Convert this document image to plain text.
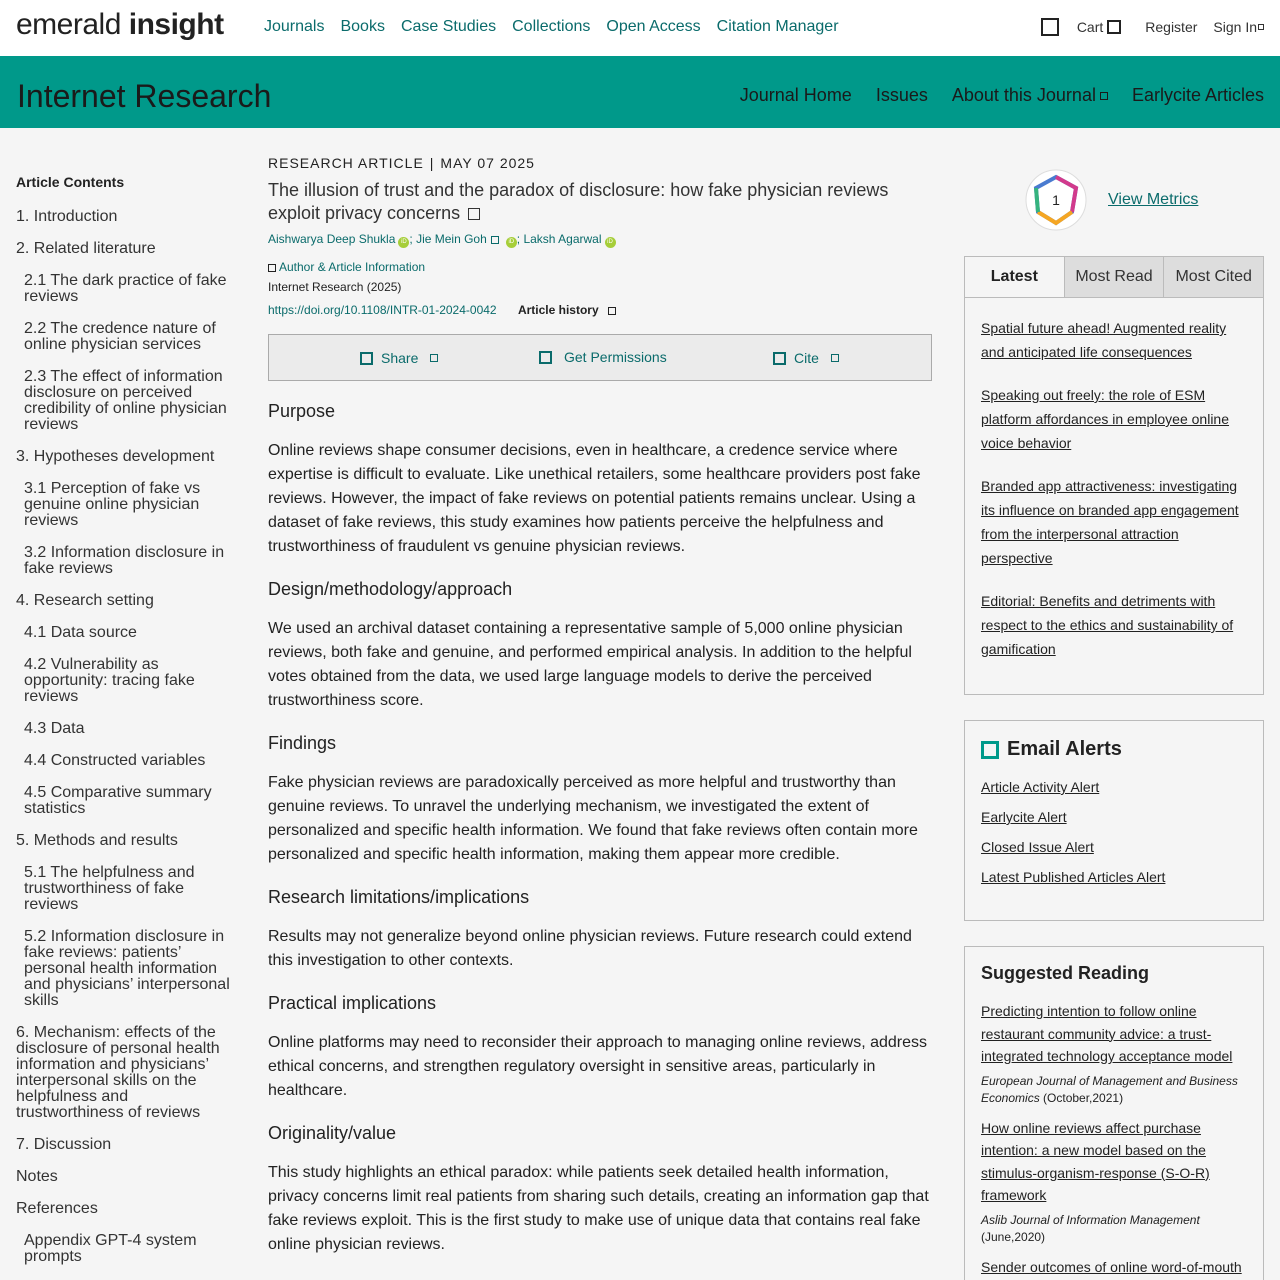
emerald insight	Journals Books Case Studies Collections Open Access Citation Manager	Cart	Register Sign In
Internet Research	Journal Home Issues About this Journal	Earlycite Articles
Article Contents
1. Introduction
2. Related literature
2.1 The dark practice of fake reviews
2.2 The credence nature of online physician services
2.3 The effect of information disclosure on perceived credibility of online physician reviews
3. Hypotheses development
3.1 Perception of fake vs genuine online physician reviews
3.2 Information disclosure in fake reviews
4. Research setting
4.1 Data source
4.2 Vulnerability as opportunity: tracing fake reviews
4.3 Data
4.4 Constructed variables
4.5 Comparative summary statistics
5. Methods and results
5.1 The helpfulness and trustworthiness of fake reviews
5.2 Information disclosure in fake reviews: patients’ personal health information and physicians’ interpersonal skills
6. Mechanism: effects of the disclosure of personal health information and physicians’ interpersonal skills on the helpfulness and trustworthiness of reviews
7. Discussion
Notes
References
Appendix GPT-4 system prompts
RESEARCH ARTICLE | MAY 07 2025
The illusion of trust and the paradox of disclosure: how fake physician reviews exploit privacy concerns
Aishwarya Deep Shukla iD ; Jie Mein Goh	iD ; Laksh Agarwal iD
Author & Article Information
Internet Research (2025)
https://doi.org/10.1108/INTR-01-2024-0042 Article history
Share	Get Permissions	Cite
Purpose

Online reviews shape consumer decisions, even in healthcare, a credence service where expertise is difficult to evaluate. Like unethical retailers, some healthcare providers post fake reviews. However, the impact of fake reviews on potential patients remains unclear. Using a dataset of fake reviews, this study examines how patients perceive the helpfulness and trustworthiness of fraudulent vs genuine physician reviews.

Design/methodology/approach

We used an archival dataset containing a representative sample of 5,000 online physician reviews, both fake and genuine, and performed empirical analysis. In addition to the helpful votes obtained from the data, we used large language models to derive the perceived trustworthiness score.

Findings

Fake physician reviews are paradoxically perceived as more helpful and trustworthy than genuine reviews. To unravel the underlying mechanism, we investigated the extent of personalized and specific health information. We found that fake reviews often contain more personalized and specific health information, making them appear more credible.

Research limitations/implications

Results may not generalize beyond online physician reviews. Future research could extend this investigation to other contexts.

Practical implications

Online platforms may need to reconsider their approach to managing online reviews, address ethical concerns, and strengthen regulatory oversight in sensitive areas, particularly in healthcare.

Originality/value

This study highlights an ethical paradox: while patients seek detailed health information, privacy concerns limit real patients from sharing such details, creating an information gap that fake reviews exploit. This is the first study to make use of unique data that contains real fake online physician reviews.

1	View Metrics
Latest	Most Read	Most Cited
Spatial future ahead! Augmented reality and anticipated life consequences
Speaking out freely: the role of ESM platform affordances in employee online voice behavior
Branded app attractiveness: investigating its influence on branded app engagement from the interpersonal attraction perspective
Editorial: Benefits and detriments with respect to the ethics and sustainability of gamification
Email Alerts
Article Activity Alert
Earlycite Alert
Closed Issue Alert
Latest Published Articles Alert
Suggested Reading
Predicting intention to follow online restaurant community advice: a trust-integrated technology acceptance model
European Journal of Management and Business Economics (October,2021)
How online reviews affect purchase intention: a new model based on the stimulus-organism-response (S-O-R) framework
Aslib Journal of Information Management (June,2020)
Sender outcomes of online word-of-mouth
